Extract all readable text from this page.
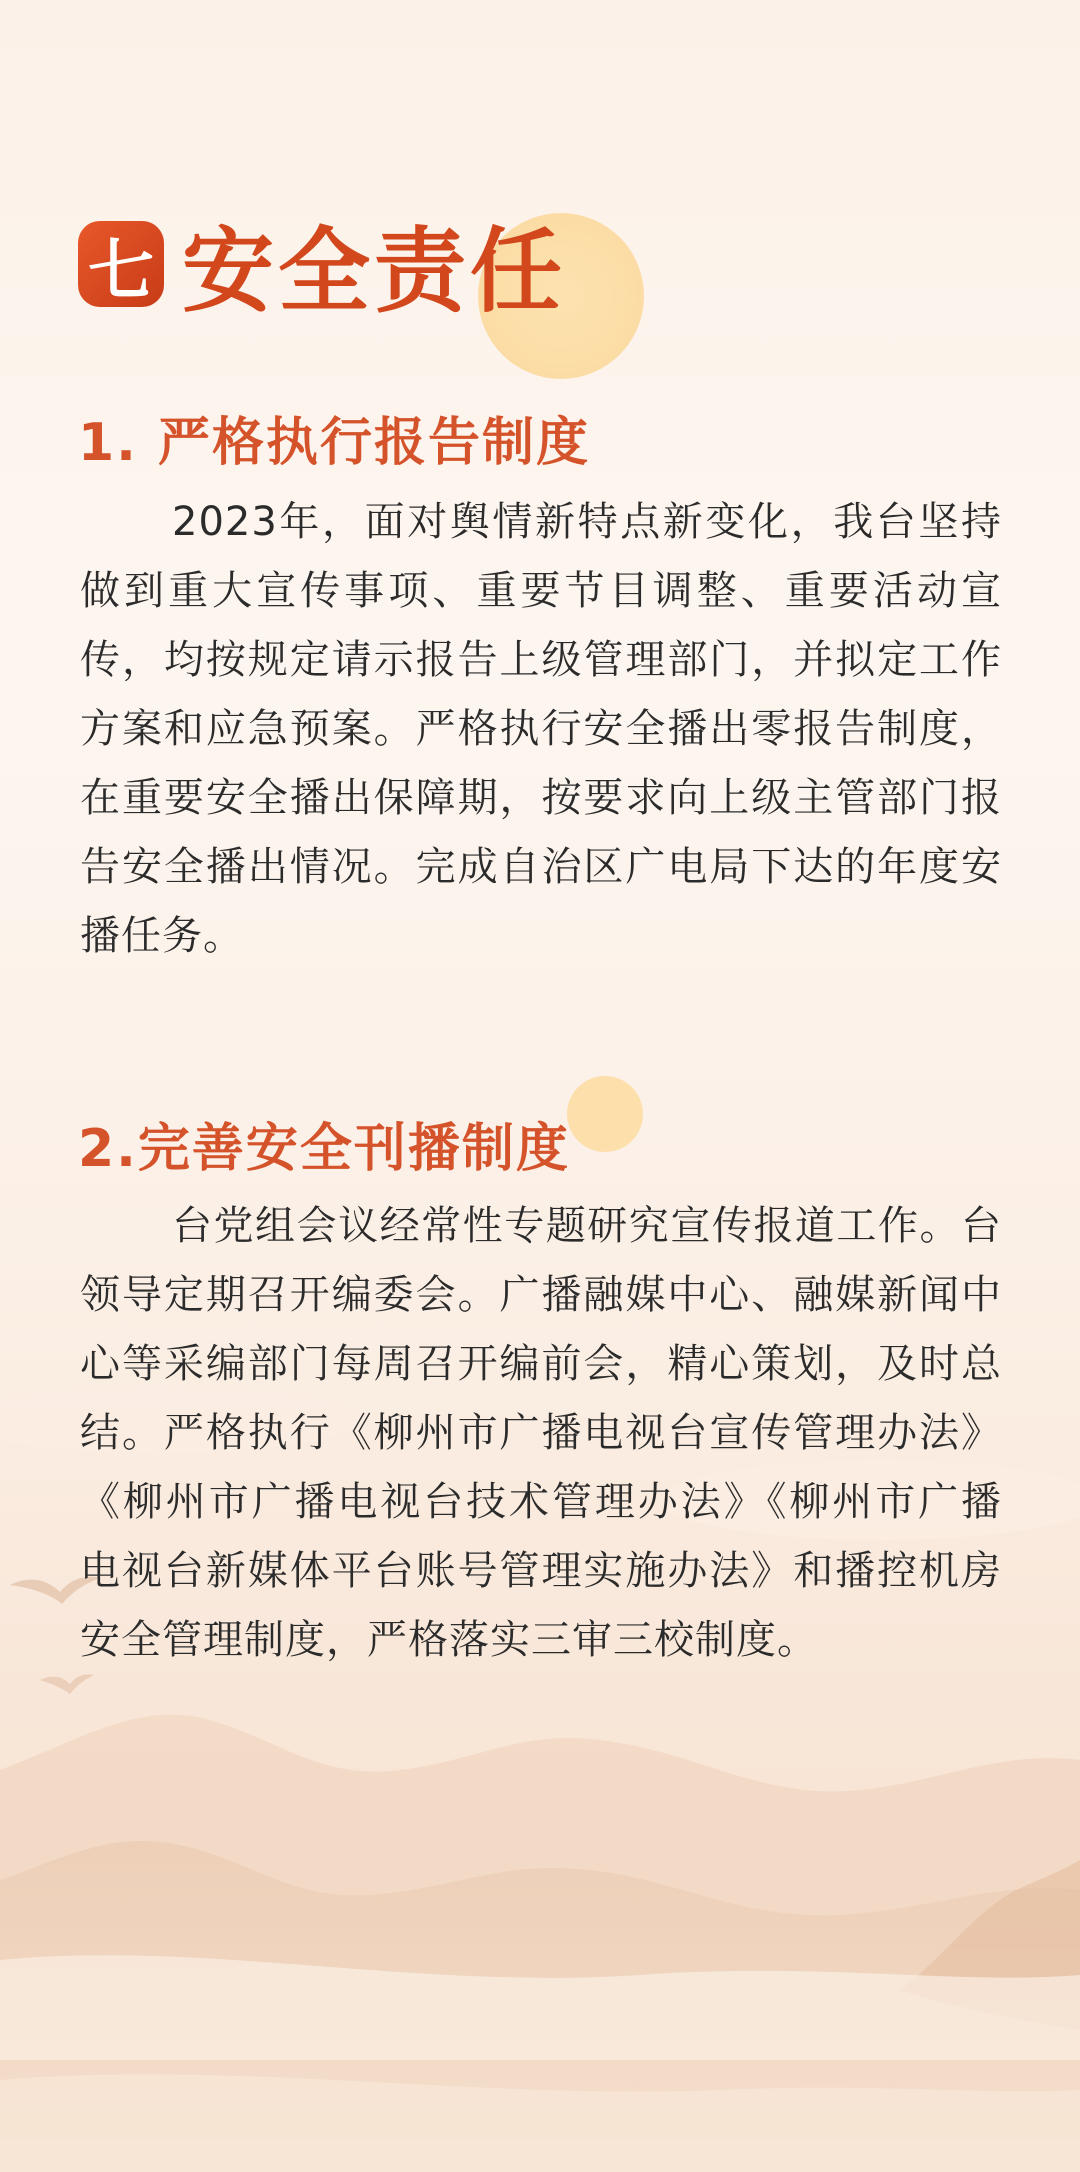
七 安全责任
1. 严格执行报告制度
2023年，面对舆情新特点新变化，我台坚持做到重大宣传事项、重要节目调整、重要活动宣传，均按规定请示报告上级管理部门，并拟定工作方案和应急预案。严格执行安全播出零报告制度，在重要安全播出保障期，按要求向上级主管部门报告安全播出情况。完成自治区广电局下达的年度安播任务。
2.完善安全刊播制度
台党组会议经常性专题研究宣传报道工作。台领导定期召开编委会。广播融媒中心、融媒新闻中心等采编部门每周召开编前会，精心策划，及时总结。严格执行《柳州市广播电视台宣传管理办法》《柳州市广播电视台技术管理办法》《柳州市广播电视台新媒体平台账号管理实施办法》和播控机房安全管理制度，严格落实三审三校制度。
